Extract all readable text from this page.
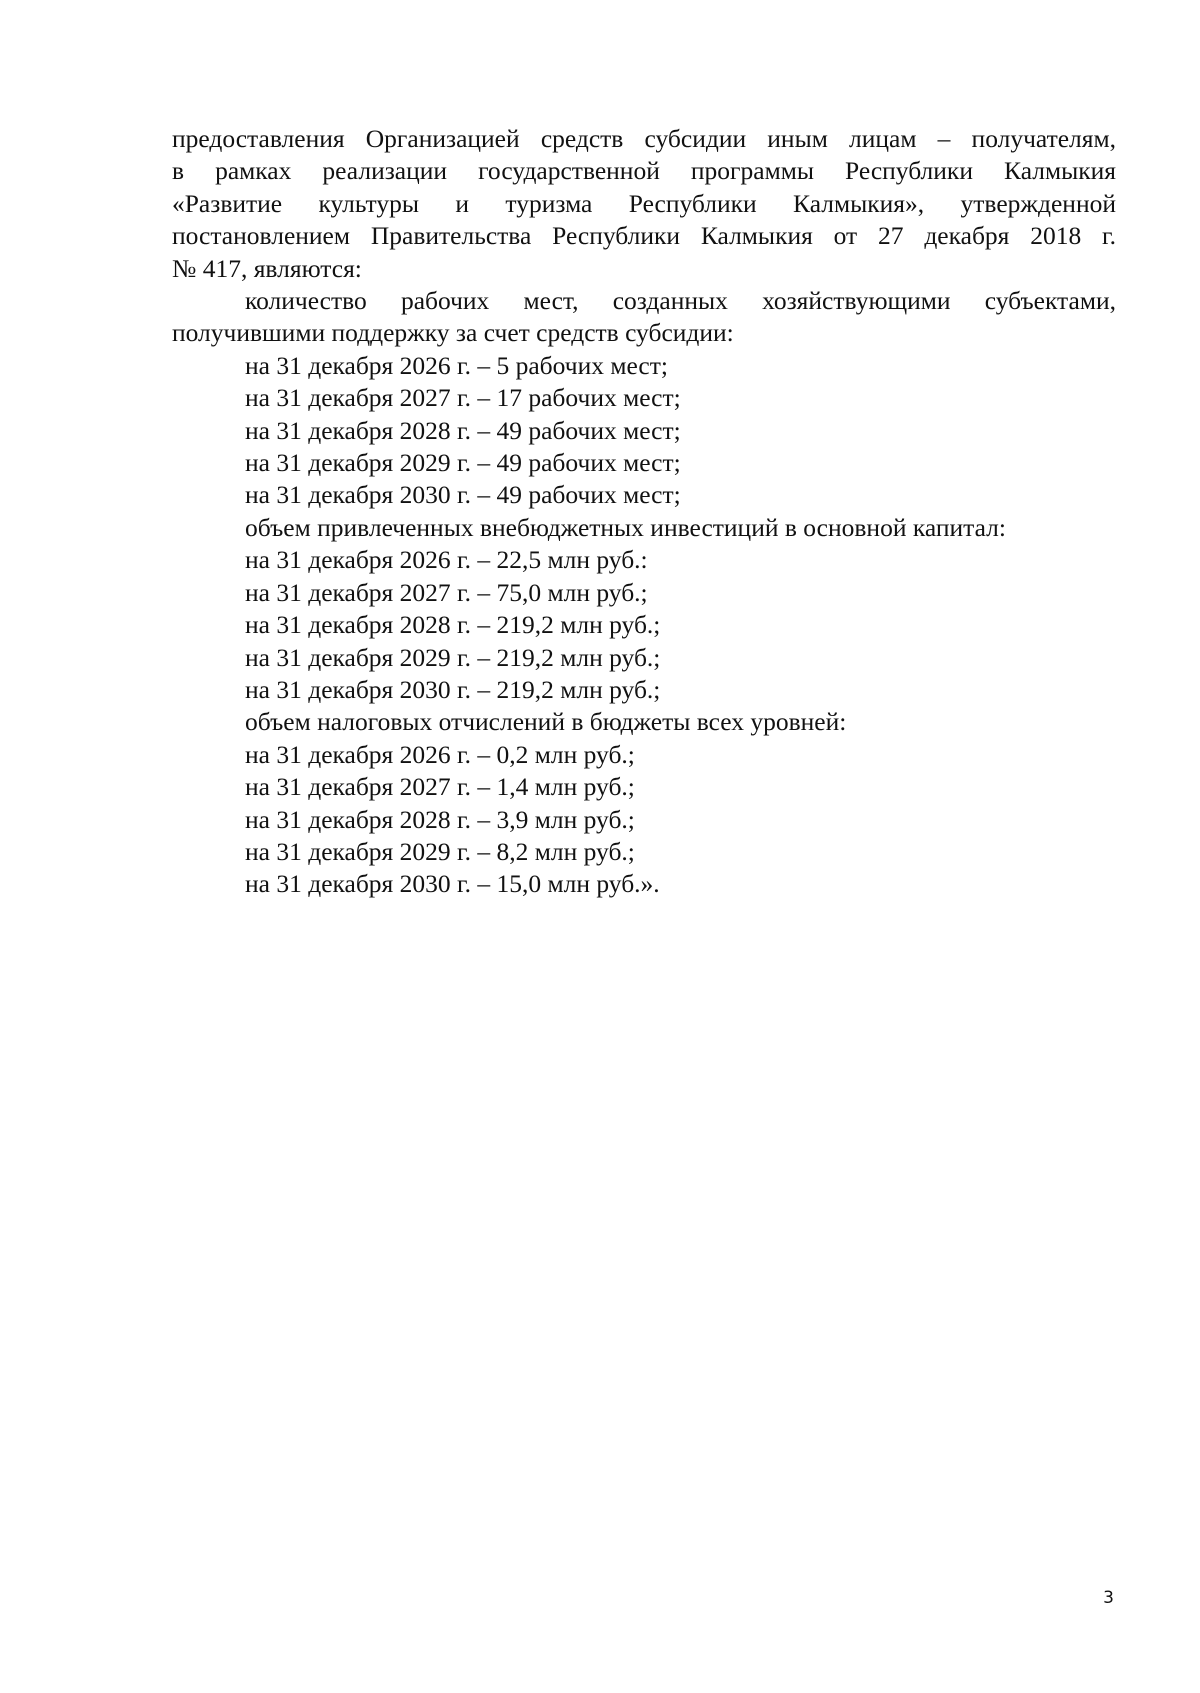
предоставления Организацией средств субсидии иным лицам – получателям,
в рамках реализации государственной программы Республики Калмыкия
«Развитие культуры и туризма Республики Калмыкия», утвержденной
постановлением Правительства Республики Калмыкия от 27 декабря 2018 г.
№ 417, являются:

количество рабочих мест, созданных хозяйствующими субъектами,
получившими поддержку за счет средств субсидии:

на 31 декабря 2026 г. – 5 рабочих мест;

на 31 декабря 2027 г. – 17 рабочих мест;

на 31 декабря 2028 г. – 49 рабочих мест;

на 31 декабря 2029 г. – 49 рабочих мест;

на 31 декабря 2030 г. – 49 рабочих мест;

объем привлеченных внебюджетных инвестиций в основной капитал:

на 31 декабря 2026 г. – 22,5 млн руб.:

на 31 декабря 2027 г. – 75,0 млн руб.;

на 31 декабря 2028 г. – 219,2 млн руб.;

на 31 декабря 2029 г. – 219,2 млн руб.;

на 31 декабря 2030 г. – 219,2 млн руб.;

объем налоговых отчислений в бюджеты всех уровней:

на 31 декабря 2026 г. – 0,2 млн руб.;

на 31 декабря 2027 г. – 1,4 млн руб.;

на 31 декабря 2028 г. – 3,9 млн руб.;

на 31 декабря 2029 г. – 8,2 млн руб.;

на 31 декабря 2030 г. – 15,0 млн руб.».

3
